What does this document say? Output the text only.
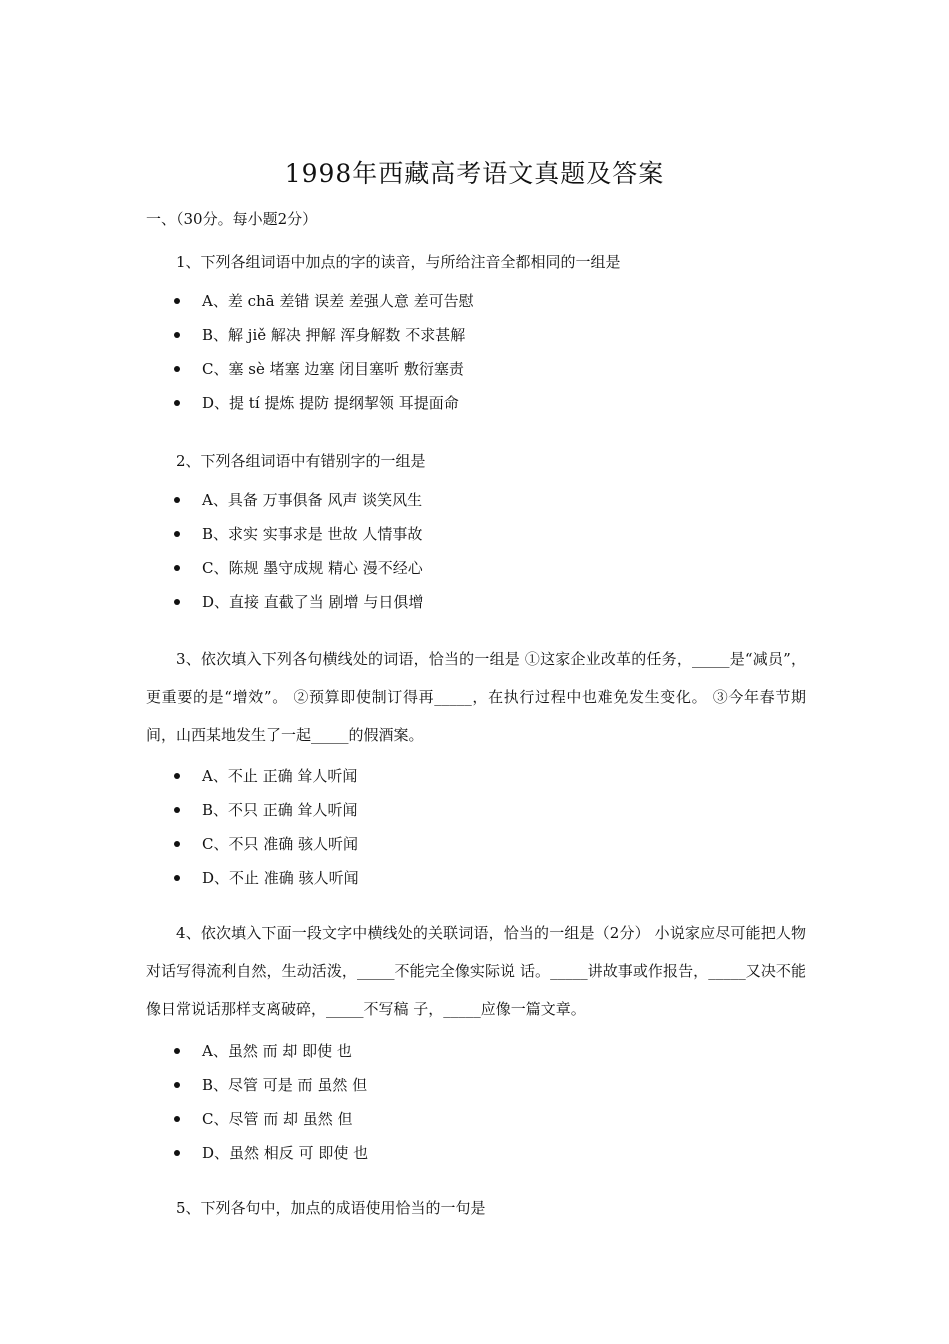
1998年西藏高考语文真题及答案
一、（30分。每小题2分）
1、下列各组词语中加点的字的读音，与所给注音全都相同的一组是
A、差 chā 差错 误差 差强人意 差可告慰
B、解 jiě 解决 押解 浑身解数 不求甚解
C、塞 sè 堵塞 边塞 闭目塞听 敷衍塞责
D、提 tí 提炼 提防 提纲挈领 耳提面命
2、下列各组词语中有错别字的一组是
A、具备 万事俱备 风声 谈笑风生
B、求实 实事求是 世故 人情事故
C、陈规 墨守成规 精心 漫不经心
D、直接 直截了当 剧增 与日俱增
3、依次填入下列各句横线处的词语，恰当的一组是 ①这家企业改革的任务，_____是“减员”，更重要的是“增效”。 ②预算即使制订得再_____，在执行过程中也难免发生变化。 ③今年春节期间，山西某地发生了一起_____的假酒案。
A、不止 正确 耸人听闻
B、不只 正确 耸人听闻
C、不只 准确 骇人听闻
D、不止 准确 骇人听闻
4、依次填入下面一段文字中横线处的关联词语，恰当的一组是（2分） 小说家应尽可能把人物对话写得流利自然，生动活泼，_____不能完全像实际说 话。_____讲故事或作报告，_____又决不能像日常说话那样支离破碎，_____不写稿 子，_____应像一篇文章。
A、虽然 而 却 即使 也
B、尽管 可是 而 虽然 但
C、尽管 而 却 虽然 但
D、虽然 相反 可 即使 也
5、下列各句中，加点的成语使用恰当的一句是
